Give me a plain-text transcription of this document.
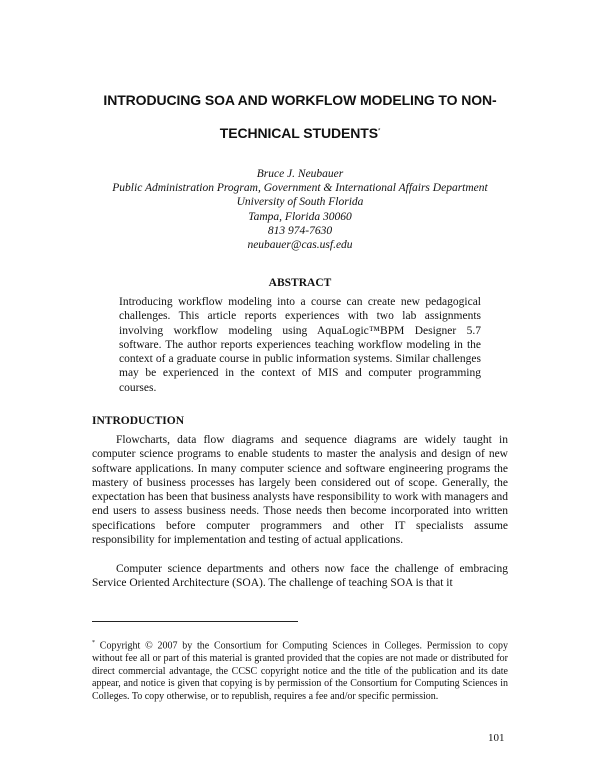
INTRODUCING SOA AND WORKFLOW MODELING TO NON-
TECHNICAL STUDENTS*
Bruce J. Neubauer
Public Administration Program, Government & International Affairs Department
University of South Florida
Tampa, Florida 30060
813 974-7630
neubauer@cas.usf.edu
ABSTRACT

Introducing workflow modeling into a course can create new pedagogical challenges. This article reports experiences with two lab assignments involving workflow modeling using AquaLogic™BPM Designer 5.7 software. The author reports experiences teaching workflow modeling in the context of a graduate course in public information systems. Similar challenges may be experienced in the context of MIS and computer programming courses.

INTRODUCTION

Flowcharts, data flow diagrams and sequence diagrams are widely taught in computer science programs to enable students to master the analysis and design of new software applications. In many computer science and software engineering programs the mastery of business processes has largely been considered out of scope. Generally, the expectation has been that business analysts have responsibility to work with managers and end users to assess business needs. Those needs then become incorporated into written specifications before computer programmers and other IT specialists assume responsibility for implementation and testing of actual applications.

Computer science departments and others now face the challenge of embracing Service Oriented Architecture (SOA). The challenge of teaching SOA is that it

* Copyright © 2007 by the Consortium for Computing Sciences in Colleges. Permission to copy without fee all or part of this material is granted provided that the copies are not made or distributed for direct commercial advantage, the CCSC copyright notice and the title of the publication and its date appear, and notice is given that copying is by permission of the Consortium for Computing Sciences in Colleges. To copy otherwise, or to republish, requires a fee and/or specific permission.

101
